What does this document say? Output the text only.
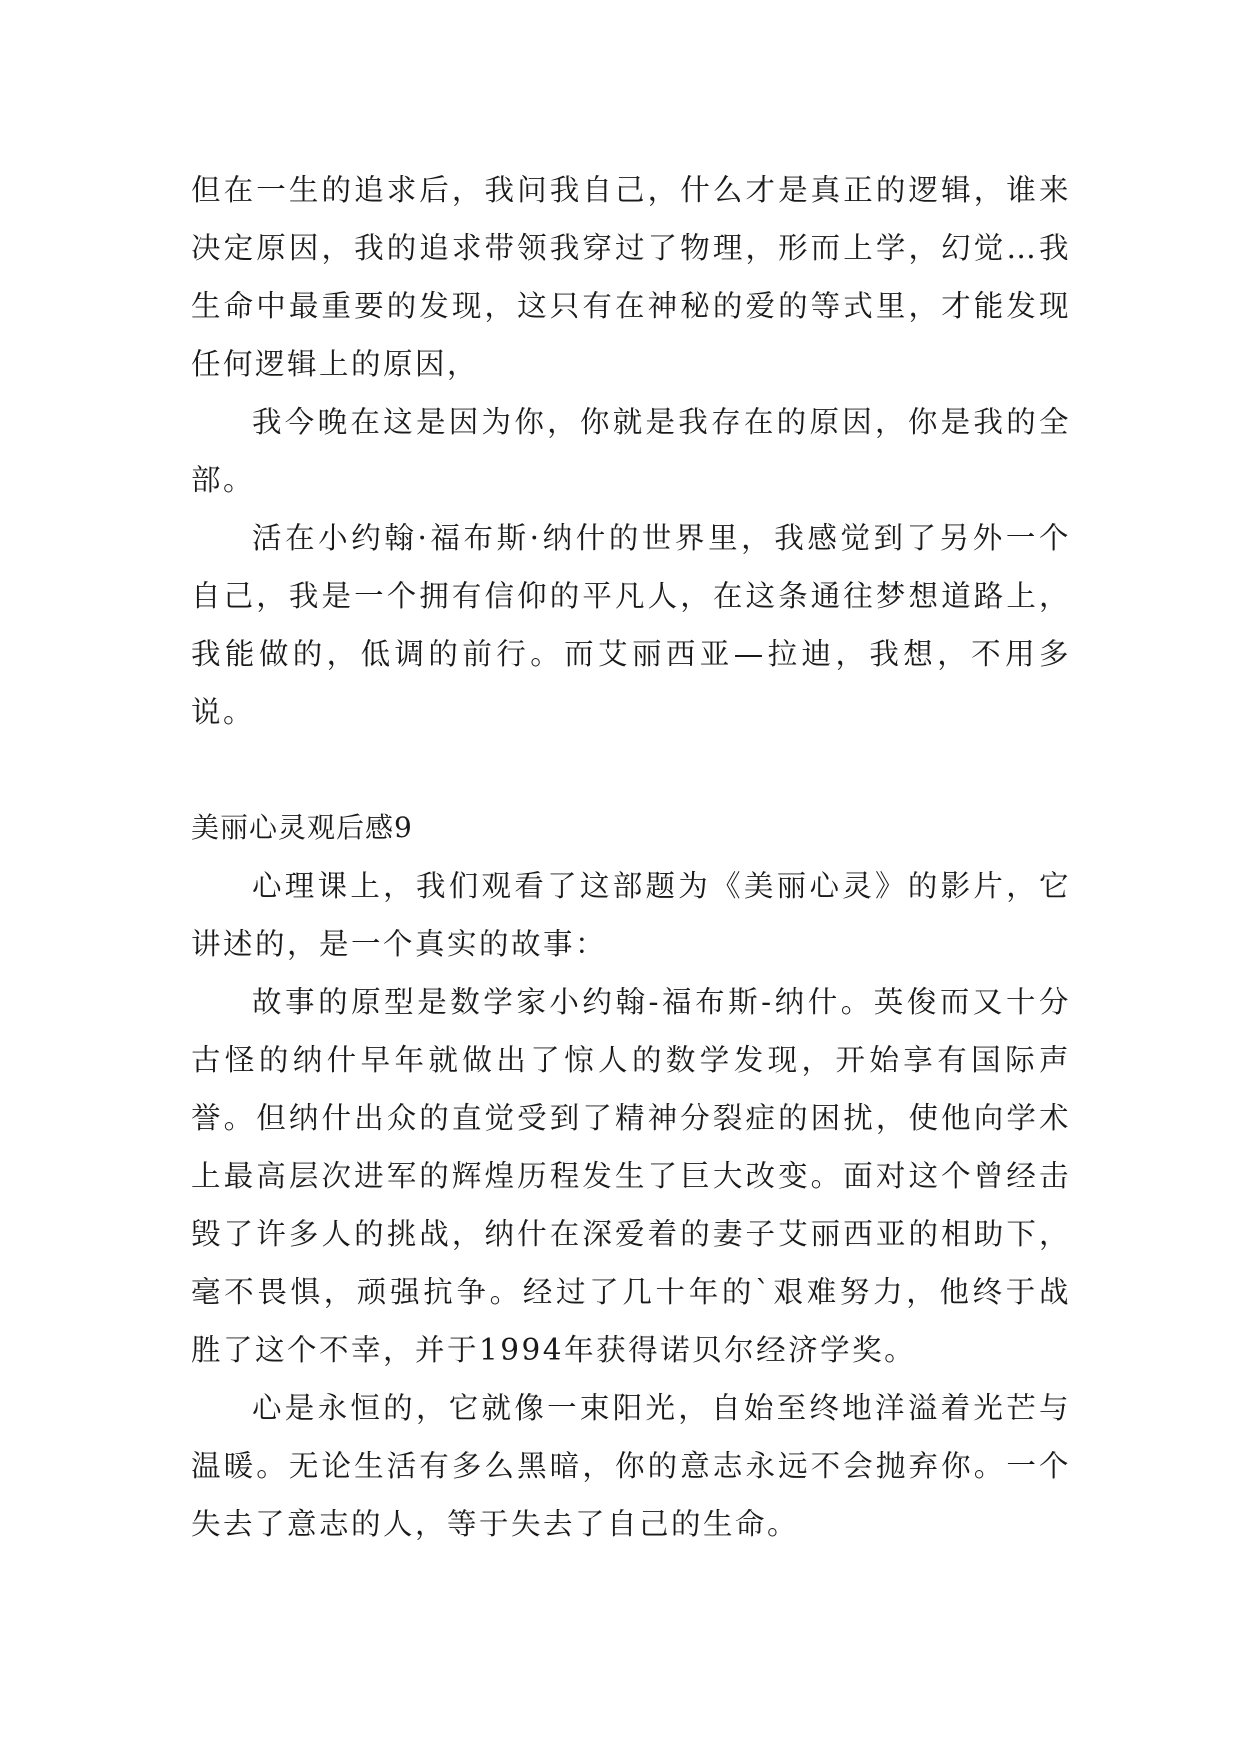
但在一生的追求后，我问我自己，什么才是真正的逻辑，谁来决定原因，我的追求带领我穿过了物理，形而上学，幻觉…我生命中最重要的发现，这只有在神秘的爱的等式里，才能发现任何逻辑上的原因，

我今晚在这是因为你，你就是我存在的原因，你是我的全部。

活在小约翰·福布斯·纳什的世界里，我感觉到了另外一个自己，我是一个拥有信仰的平凡人，在这条通往梦想道路上，我能做的，低调的前行。而艾丽西亚—拉迪，我想，不用多说。

美丽心灵观后感9

心理课上，我们观看了这部题为《美丽心灵》的影片，它讲述的，是一个真实的故事：

故事的原型是数学家小约翰-福布斯-纳什。英俊而又十分古怪的纳什早年就做出了惊人的数学发现，开始享有国际声誉。但纳什出众的直觉受到了精神分裂症的困扰，使他向学术上最高层次进军的辉煌历程发生了巨大改变。面对这个曾经击毁了许多人的挑战，纳什在深爱着的妻子艾丽西亚的相助下，毫不畏惧，顽强抗争。经过了几十年的`艰难努力，他终于战胜了这个不幸，并于1994年获得诺贝尔经济学奖。

心是永恒的，它就像一束阳光，自始至终地洋溢着光芒与温暖。无论生活有多么黑暗，你的意志永远不会抛弃你。一个失去了意志的人，等于失去了自己的生命。
